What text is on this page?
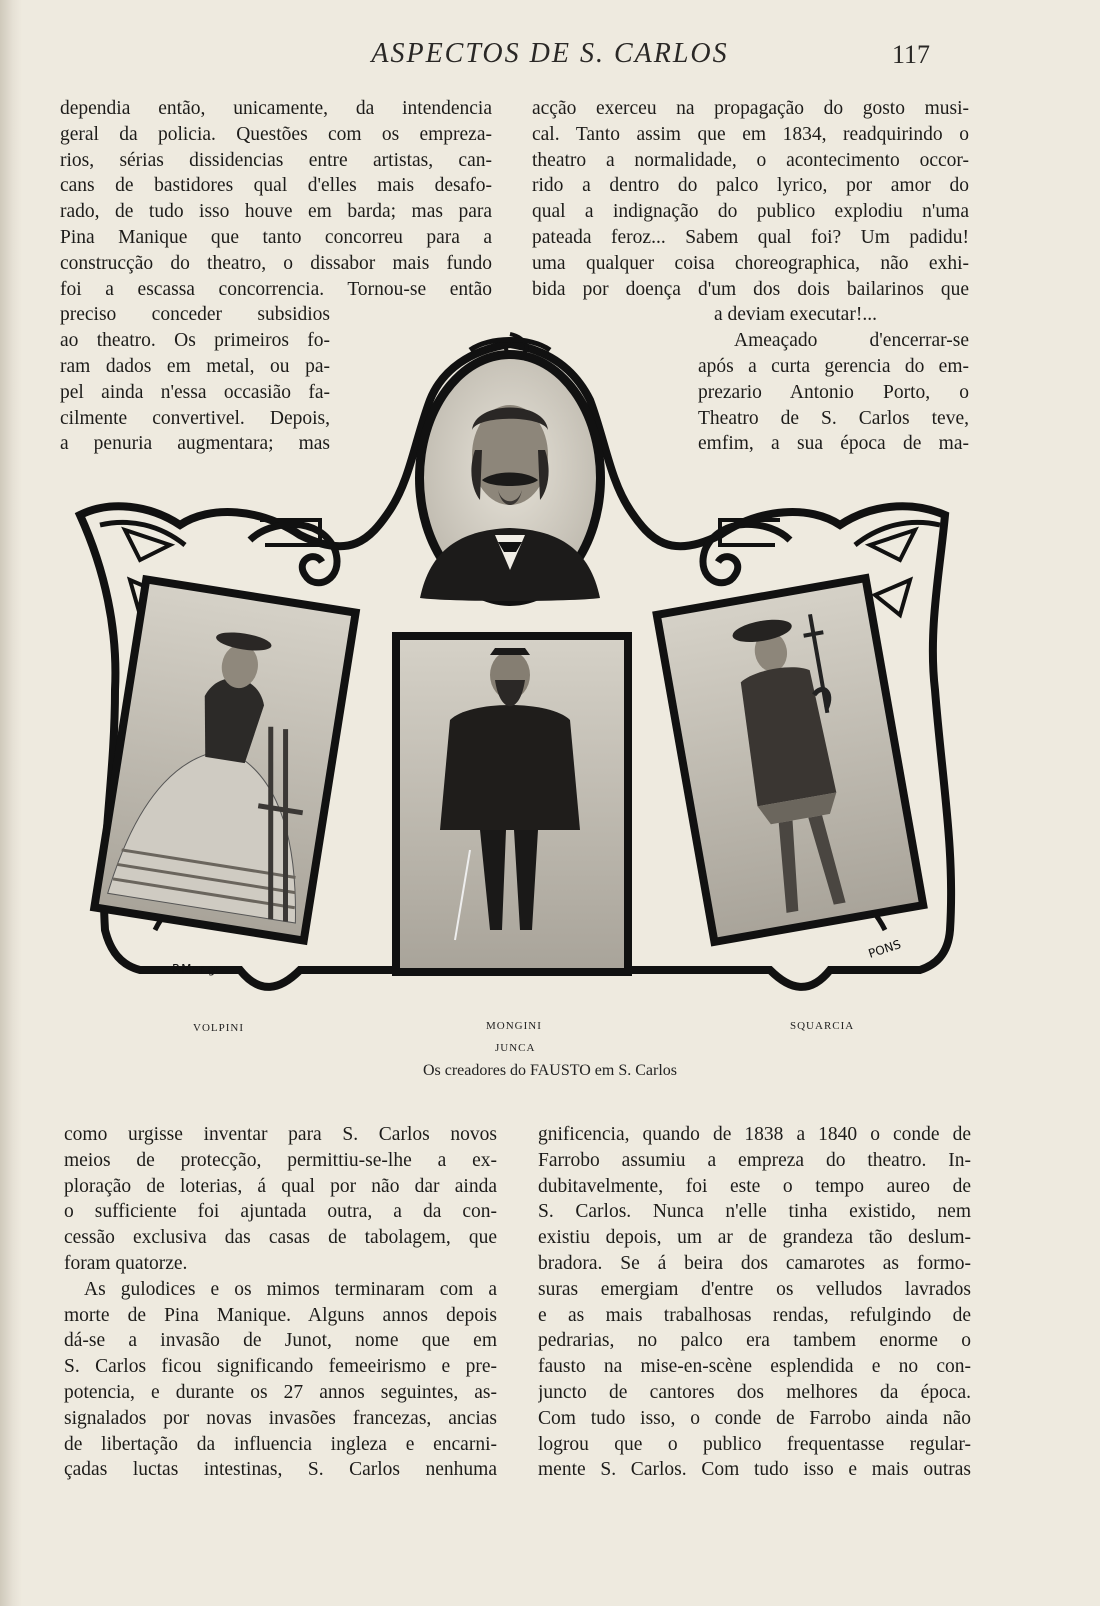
ASPECTOS DE S. CARLOS	117
dependia então, unicamente, da intendencia
geral da policia. Questões com os empreza-
rios, sérias dissidencias entre artistas, can-
cans de bastidores qual d'elles mais desafo-
rado, de tudo isso houve em barda; mas para
Pina Manique que tanto concorreu para a
construcção do theatro, o dissabor mais fundo
foi a escassa concorrencia. Tornou-se então
preciso conceder subsidios
ao theatro. Os primeiros fo-
ram dados em metal, ou pa-
pel ainda n'essa occasião fa-
cilmente convertivel. Depois,
a penuria augmentara; mas
acção exerceu na propagação do gosto musi-
cal. Tanto assim que em 1834, readquirindo o
theatro a normalidade, o acontecimento occor-
rido a dentro do palco lyrico, por amor do
qual a indignação do publico explodiu n'uma
pateada feroz... Sabem qual foi? Um padidu!
uma qualquer coisa choreographica, não exhi-
bida por doença d'um dos dois bailarinos que
a deviam executar!...
Ameaçado d'encerrar-se
após a curta gerencia do em-
prezario Antonio Porto, o
Theatro de S. Carlos teve,
emfim, a sua época de ma-
P.Mar gr
PONS
VOLPINI	MONGINI
JUNCA
SQUARCIA
Os creadores do FAUSTO em S. Carlos
como urgisse inventar para S. Carlos novos
meios de protecção, permittiu-se-lhe a ex-
ploração de loterias, á qual por não dar ainda
o sufficiente foi ajuntada outra, a da con-
cessão exclusiva das casas de tabolagem, que
foram quatorze.
As gulodices e os mimos terminaram com a
morte de Pina Manique. Alguns annos depois
dá-se a invasão de Junot, nome que em
S. Carlos ficou significando femeeirismo e pre-
potencia, e durante os 27 annos seguintes, as-
signalados por novas invasões francezas, ancias
de libertação da influencia ingleza e encarni-
çadas luctas intestinas, S. Carlos nenhuma
gnificencia, quando de 1838 a 1840 o conde de
Farrobo assumiu a empreza do theatro. In-
dubitavelmente, foi este o tempo aureo de
S. Carlos. Nunca n'elle tinha existido, nem
existiu depois, um ar de grandeza tão deslum-
bradora. Se á beira dos camarotes as formo-
suras emergiam d'entre os velludos lavrados
e as mais trabalhosas rendas, refulgindo de
pedrarias, no palco era tambem enorme o
fausto na mise-en-scène esplendida e no con-
juncto de cantores dos melhores da época.
Com tudo isso, o conde de Farrobo ainda não
logrou que o publico frequentasse regular-
mente S. Carlos. Com tudo isso e mais outras
